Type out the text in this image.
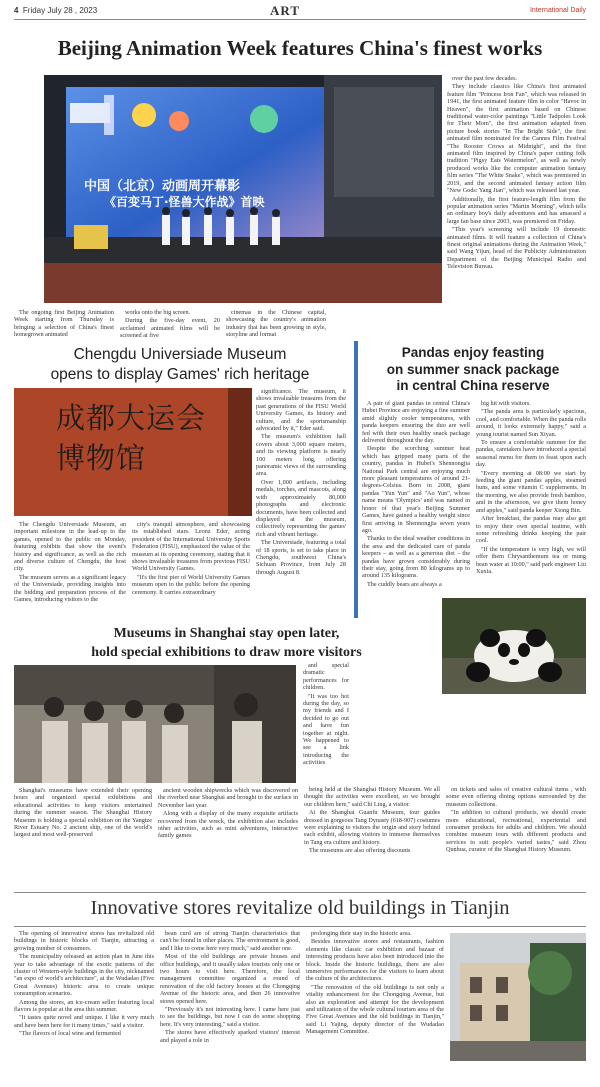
4 Friday July 28 , 2023	ART	International Daily
Beijing Animation Week features China's finest works
中国（北京）动画周开幕影
《百变马丁·怪兽大作战》首映

The ongoing first Beijing Animation Week starting from Thursday is bringing a selection of China's finest homegrown animated

works onto the big screen.

During the five-day event, 20 acclaimed animated films will be screened at five

cinemas in the Chinese capital, showcasing the country's animation industry that has been growing in style, storyline and format

over the past few decades.

They include classics like China's first animated feature film "Princess Iron Fan", which was released in 1941, the first animated feature film in color "Havoc in Heaven", the first animation based on Chinese traditional water-color paintings "Little Tadpoles Look for Their Mom", the first animation adapted from picture book stories "In The Bright Side", the first animated film nominated for the Cannes Film Festival "The Rooster Crows at Midnight", and the first animated film inspired by China's paper cutting folk tradition "Pigsy Eats Watermelon", as well as newly produced works like the computer animation fantasy film series "The White Snake", which was premiered in 2019, and the second animated fantasy action film "New Gods: Yang Jian", which was released last year.

Additionally, the first feature-length film from the popular animation series "Martin Morning", which tells an ordinary boy's daily adventures and has amassed a large fan base since 2003, was premiered on Friday.

"This year's screening will include 19 domestic animated films. It will feature a collection of China's finest original animations during the Animation Week," said Wang Yijun, head of the Publicity Administration Department of the Beijing Municipal Radio and Television Bureau.

Chengdu Universiade Museum
opens to display Games' rich heritage
成都大运会
博物馆

significance. The museum, it shows invaluable treasures from the past generations of the FISU World University Games, its history and culture, and the sportsmanship advocated by it," Eder said.

The museum's exhibition hall covers about 3,000 square meters, and its viewing platform is nearly 100 meters long, offering panoramic views of the surrounding area.

Over 1,000 artifacts, including medals, torches, and mascots, along with approximately 80,000 photographs and electronic documents, have been collected and displayed at the museum, collectively representing the games' rich and vibrant heritage.

The Universiade, featuring a total of 18 sports, is set to take place in Chengdu, southwest China's Sichuan Province, from July 28 through August 8.

The Chengdu Universiade Museum, an important milestone in the lead-up to the games, opened to the public on Monday, featuring exhibits that show the event's history and significance, as well as the rich and diverse culture of Chengdu, the host city.

The museum serves as a significant legacy of the Universiade, providing insights into the bidding and preparation process of the Games, introducing visitors to the

city's tranquil atmosphere, and showcasing its established stars. Leonz Eder, acting president of the International University Sports Federation (FISU), emphasized the value of the museum at its opening ceremony, stating that it shows invaluable treasures from previous FISU World University Games.

"It's the first pier of World University Games museum open to the public before the opening ceremony. It carries extraordinary

Pandas enjoy feasting
on summer snack package
in central China reserve

A pair of giant pandas in central China's Hubei Province are enjoying a fine summer amid slightly cooler temperatures, with panda keepers ensuring the duo are well fed with their own healthy snack package delivered throughout the day.

Despite the scorching summer heat which has gripped many parts of the country, pandas in Hubei's Shennongjia National Park central are enjoying much more pleasant temperatures of around 21-degrees-Celsius. Born in 2008, giant pandas "Yun Yun" and "Ao Yun", whose name means 'Olympics' and was named in honor of that year's Beijing Summer Games, have gained a healthy weight since first arriving in Shennongjia seven years ago.

Thanks to the ideal weather conditions in the area and the dedicated care of panda keepers – as well as a generous diet – the pandas have grown considerably during their stay, going from 80 kilograms up to around 135 kilograms.

The cuddly bears are always a

big hit with visitors.

"The panda area is particularly spacious, cool, and comfortable. When the panda rolls around, it looks extremely happy," said a young tourist named Sun Xiyan.

To ensure a comfortable summer for the pandas, caretakers have introduced a special seasonal menu for them to feast upon each day.

"Every morning at 08:00 we start by feeding the giant pandas apples, steamed buns, and some vitamin C supplements. In the morning, we also provide fresh bamboo, and in the afternoon, we give them honey and apples," said panda keeper Xiong Bin.

After breakfast, the pandas may also get to enjoy their own special teatime, with some refreshing drinks keeping the pair cool.

"If the temperature is very high, we will offer them Chrysanthemum tea or mung bean water at 10:00," said park engineer Liu Xuxia.

Museums in Shanghai stay open later,
hold special exhibitions to draw more visitors

and special dramatic performances for children.

"It was too hot during the day, so my friends and I decided to go out and have fun together at night. We happened to see a link introducing the activities

Shanghai's museums have extended their opening hours and organized special exhibitions and educational activities to keep visitors entertained during the summer season. The Shanghai History Museum is holding a special exhibition on the Yangtze River Estuary No. 2 ancient ship, one of the world's largest and most well-preserved

ancient wooden shipwrecks which was discovered on the riverbed near Shanghai and brought to the surface in November last year.

Along with a display of the many exquisite artifacts recovered from the wreck, the exhibition also includes other activities, such as mini adventures, interactive family games

being held at the Shanghai History Museum. We all thought the activities were excellent, so we brought our children here," said Chi Ling, a visitor.

At the Shanghai Guanfu Museum, tour guides dressed in gorgeous Tang Dynasty (618-907) costumes were explaining to visitors the origin and story behind each exhibit, allowing visitors to immerse themselves in Tang era culture and history.

The museums are also offering discounts

on tickets and sales of creative cultural items , with some even offering dining options surrounded by the museum collections.

"In addition to cultural products, we should create more educational, recreational, experiential and consumer products for adults and children. We should combine museum tours with different products and services to suit people's varied tastes," said Zhou Qunhua, curator of the Shanghai History Museum.

Innovative stores revitalize old buildings in Tianjin

The opening of innovative stores has revitalized old buildings in historic blocks of Tianjin, attracting a growing number of consumers.

The municipality released an action plan in June this year to take advantage of the exotic patterns of the cluster of Western-style buildings in the city, nicknamed "an expo of world's architecture", at the Wudadao (Five Great Avenues) historic area to create unique consumption scenarios.

Among the stores, an ice-cream seller featuring local flavors is popular at the area this summer.

"It tastes quite novel and unique. I like it very much and have been here for it many times," said a visitor.

"The flavors of local wine and fermented

bean curd are of strong Tianjin characteristics that can't be found in other places. The environment is good, and I like to come here very much," said another one.

Most of the old buildings are private houses and office buildings, and it usually takes tourists only one or two hours to visit here. Therefore, the local management committee organized a round of renovation of the old factory houses at the Chongqing Avenue of the historic area, and then 26 innovative stores opened here.

"Previously it's not interesting here. I came here just to see the buildings, but now I can do some shopping here. It's very interesting," said a visitor.

The stores have effectively sparked visitors' interest and played a role in

prolonging their stay in the historic area.

Besides innovative stores and restaurants, fashion elements like classic car exhibition and bazaar of interesting products have also been introduced into the block. Inside the historic buildings, there are also immersive performances for the visitors to learn about the culture of the architectures.

"The renovation of the old buildings is not only a vitality enhancement for the Chongqing Avenue, but also an exploration and attempt for the development and utilization of the whole cultural tourism area of the Five Great Avenues and the old buildings in Tianjin," said Li Yajing, deputy director of the Wudadao Management Committee.
